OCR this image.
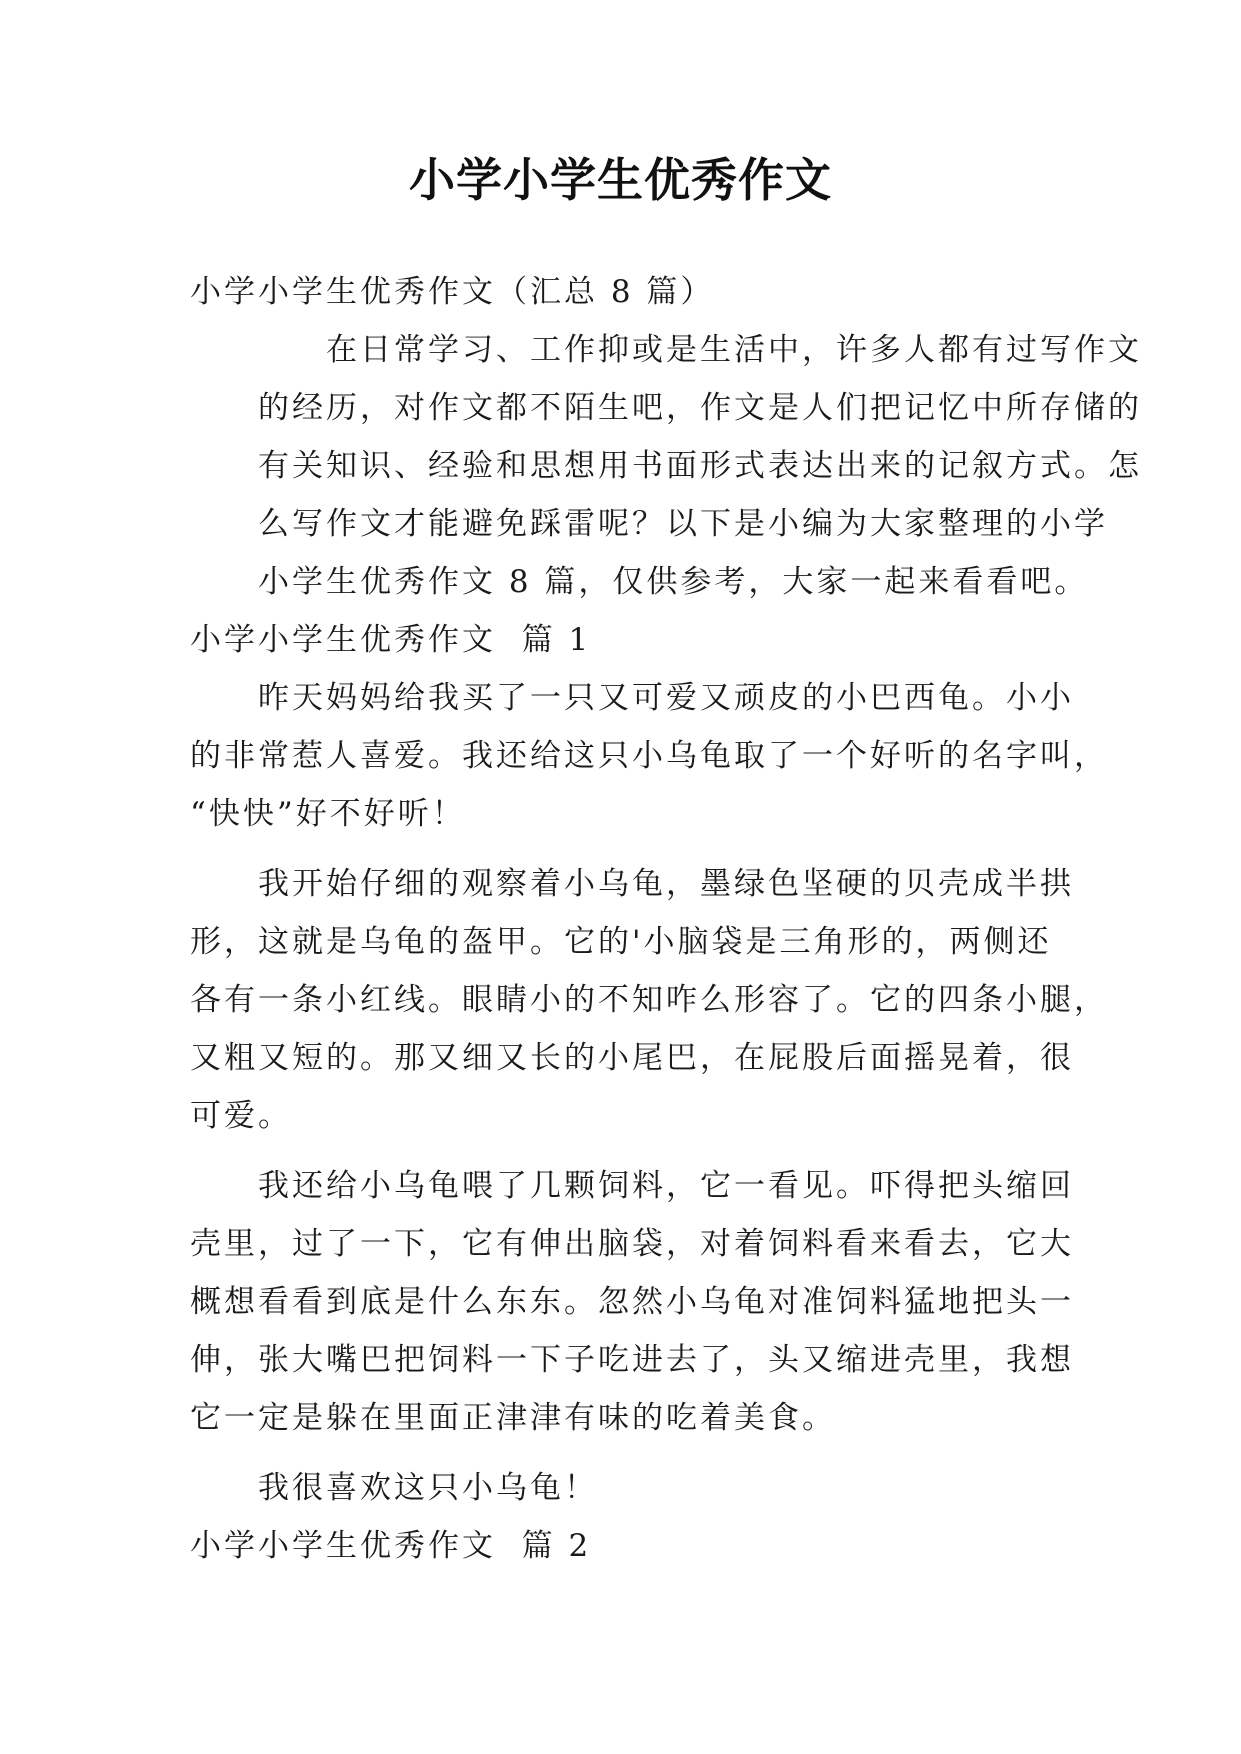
小学小学生优秀作文
小学小学生优秀作文（汇总 8 篇）
在日常学习、工作抑或是生活中，许多人都有过写作文
的经历，对作文都不陌生吧，作文是人们把记忆中所存储的
有关知识、经验和思想用书面形式表达出来的记叙方式。怎
么写作文才能避免踩雷呢？以下是小编为大家整理的小学
小学生优秀作文 8 篇，仅供参考，大家一起来看看吧。
小学小学生优秀作文  篇 1
昨天妈妈给我买了一只又可爱又顽皮的小巴西龟。小小
的非常惹人喜爱。我还给这只小乌龟取了一个好听的名字叫，
“快快”好不好听！
我开始仔细的观察着小乌龟，墨绿色坚硬的贝壳成半拱
形，这就是乌龟的盔甲。它的'小脑袋是三角形的，两侧还
各有一条小红线。眼睛小的不知咋么形容了。它的四条小腿，
又粗又短的。那又细又长的小尾巴，在屁股后面摇晃着，很
可爱。
我还给小乌龟喂了几颗饲料，它一看见。吓得把头缩回
壳里，过了一下，它有伸出脑袋，对着饲料看来看去，它大
概想看看到底是什么东东。忽然小乌龟对准饲料猛地把头一
伸，张大嘴巴把饲料一下子吃进去了，头又缩进壳里，我想
它一定是躲在里面正津津有味的吃着美食。
我很喜欢这只小乌龟！
小学小学生优秀作文  篇 2
